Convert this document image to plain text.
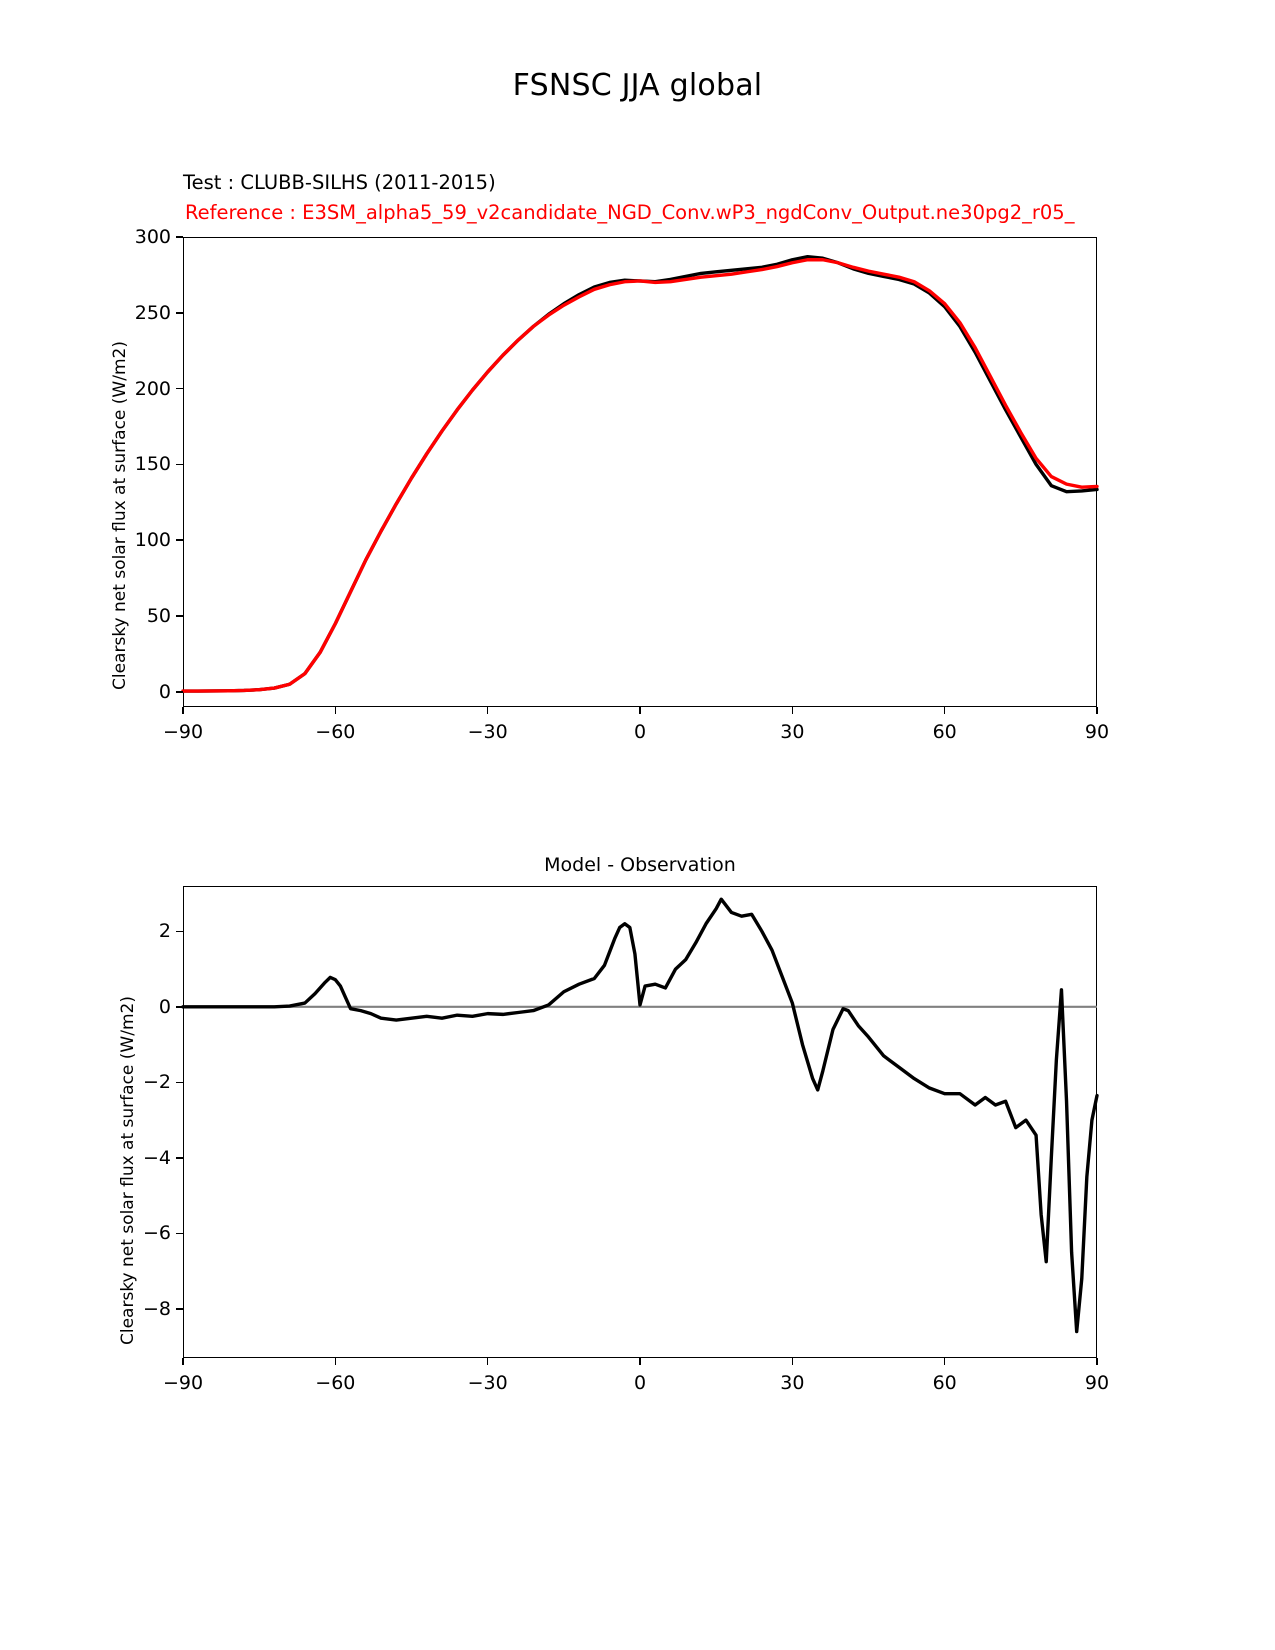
FSNSC JJA global
Test : CLUBB-SILHS (2011-2015)
Reference : E3SM_alpha5_59_v2candidate_NGD_Conv.wP3_ngdConv_Output.ne30pg2_r05_
Clearsky net solar flux at surface (W/m2)
0
50
100
150
200
250
300
−90	−60	−30	0	30	60	90
Model - Observation
Clearsky net solar flux at surface (W/m2) −8
−6
−4
−2
0
2
−90	−60	−30	0	30	60	90
